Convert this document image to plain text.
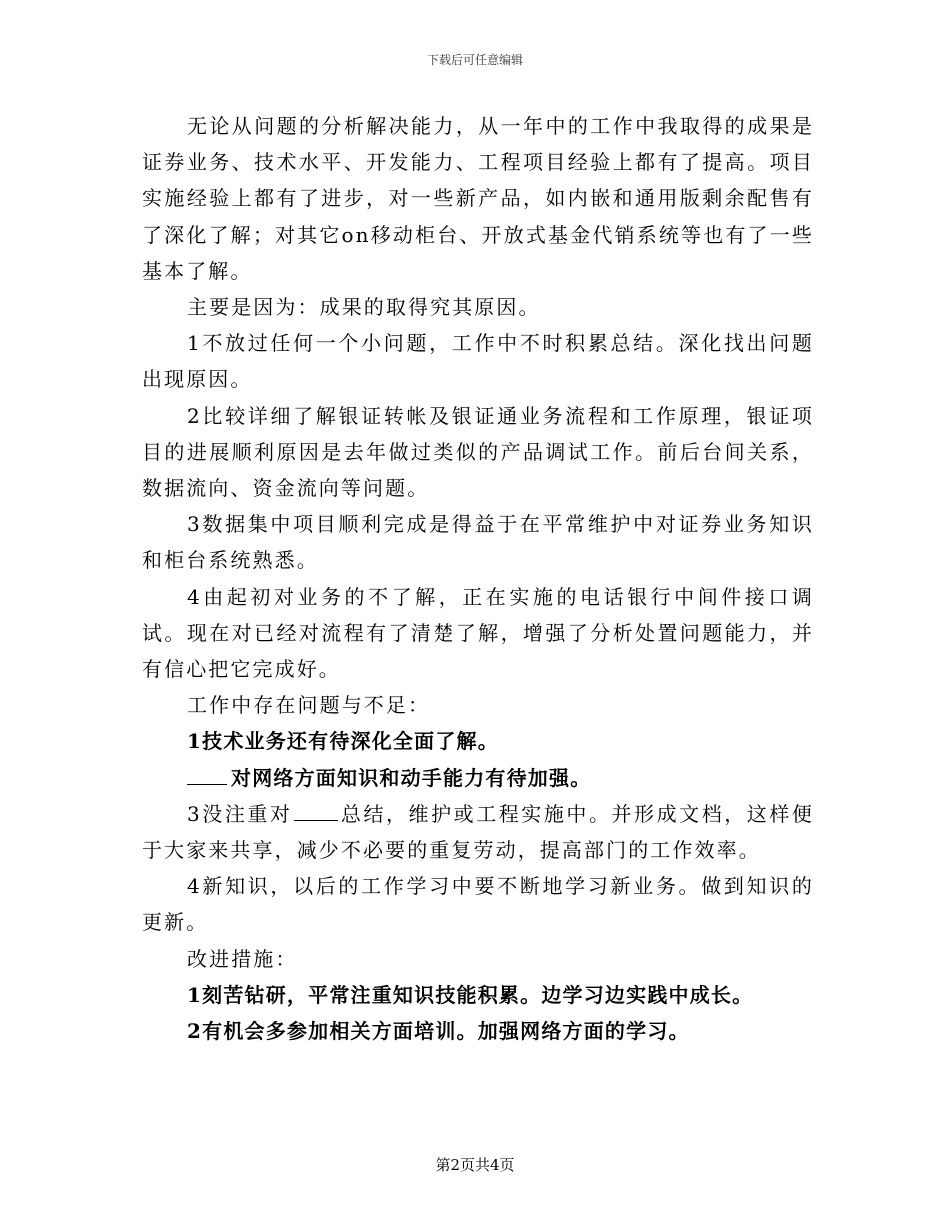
下载后可任意编辑

无论从问题的分析解决能力，从一年中的工作中我取得的成果是证券业务、技术水平、开发能力、工程项目经验上都有了提高。项目实施经验上都有了进步，对一些新产品，如内嵌和通用版剩余配售有了深化了解；对其它on移动柜台、开放式基金代销系统等也有了一些基本了解。

主要是因为：成果的取得究其原因。

1不放过任何一个小问题，工作中不时积累总结。深化找出问题出现原因。

2比较详细了解银证转帐及银证通业务流程和工作原理，银证项目的进展顺利原因是去年做过类似的产品调试工作。前后台间关系，数据流向、资金流向等问题。

3数据集中项目顺利完成是得益于在平常维护中对证券业务知识和柜台系统熟悉。

4由起初对业务的不了解，正在实施的电话银行中间件接口调试。现在对已经对流程有了清楚了解，增强了分析处置问题能力，并有信心把它完成好。

工作中存在问题与不足：

1技术业务还有待深化全面了解。

对网络方面知识和动手能力有待加强。

3没注重对 总结，维护或工程实施中。并形成文档，这样便于大家来共享，减少不必要的重复劳动，提高部门的工作效率。

4新知识，以后的工作学习中要不断地学习新业务。做到知识的更新。

改进措施：

1刻苦钻研，平常注重知识技能积累。边学习边实践中成长。

2有机会多参加相关方面培训。加强网络方面的学习。

第2页共4页
